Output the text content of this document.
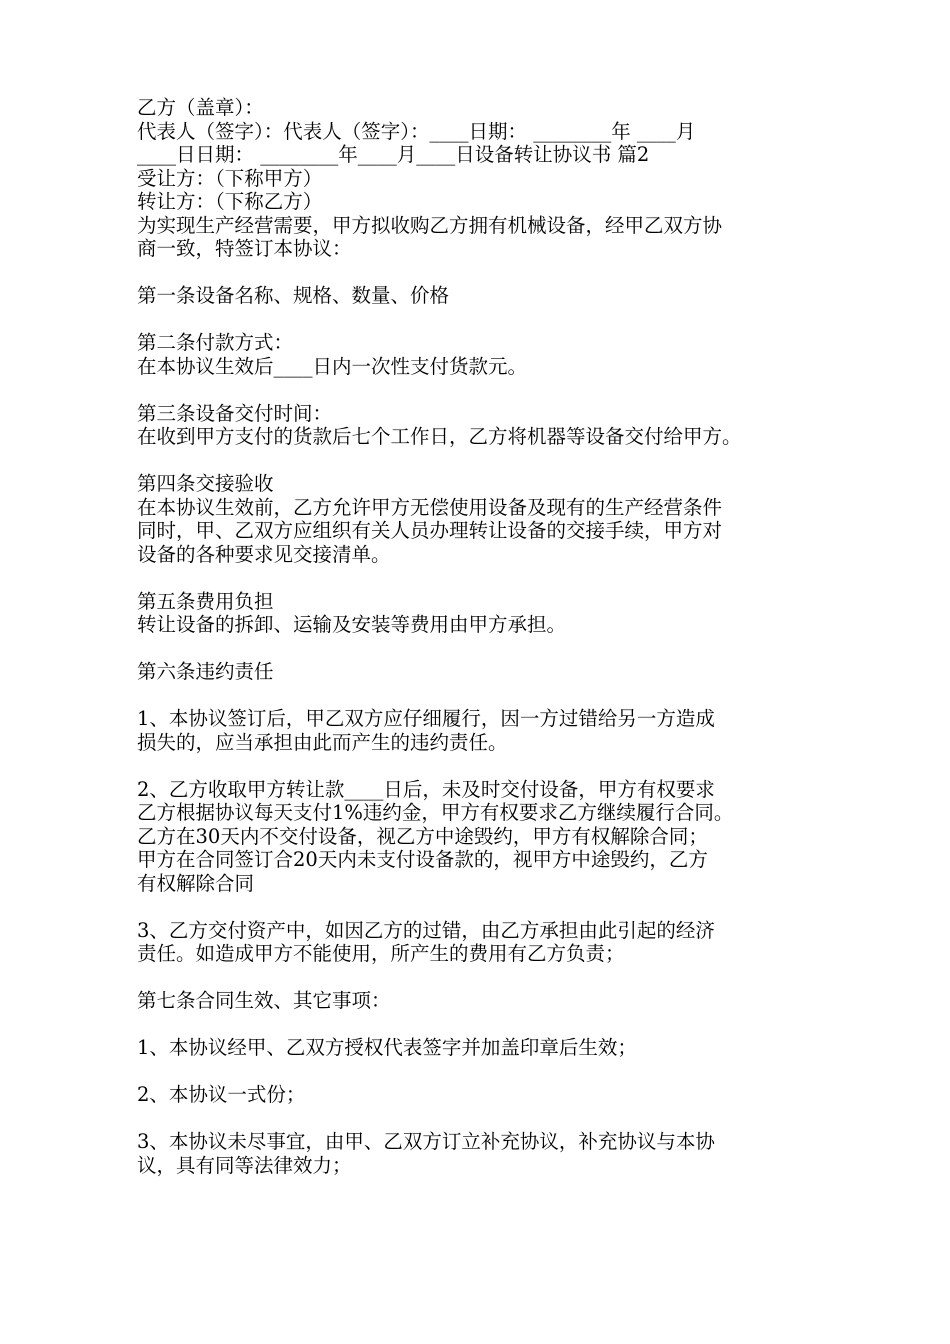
乙方（盖章）：
代表人（签字）：代表人（签字）：____日期： ________年 ____月
____日日期： ________年____月____日设备转让协议书 篇2
受让方：（下称甲方）
转让方：（下称乙方）
为实现生产经营需要，甲方拟收购乙方拥有机械设备，经甲乙双方协
商一致，特签订本协议：
第一条设备名称、规格、数量、价格
第二条付款方式：
在本协议生效后____日内一次性支付货款元。
第三条设备交付时间：
在收到甲方支付的货款后七个工作日，乙方将机器等设备交付给甲方。
第四条交接验收
在本协议生效前，乙方允许甲方无偿使用设备及现有的生产经营条件
同时，甲、乙双方应组织有关人员办理转让设备的交接手续，甲方对
设备的各种要求见交接清单。
第五条费用负担
转让设备的拆卸、运输及安装等费用由甲方承担。
第六条违约责任
1、本协议签订后，甲乙双方应仔细履行，因一方过错给另一方造成
损失的，应当承担由此而产生的违约责任。
2、乙方收取甲方转让款____日后，未及时交付设备，甲方有权要求
乙方根据协议每天支付1%违约金，甲方有权要求乙方继续履行合同。
乙方在30天内不交付设备，视乙方中途毁约，甲方有权解除合同；
甲方在合同签订合20天内未支付设备款的，视甲方中途毁约，乙方
有权解除合同
3、乙方交付资产中，如因乙方的过错，由乙方承担由此引起的经济
责任。如造成甲方不能使用，所产生的费用有乙方负责；
第七条合同生效、其它事项：
1、本协议经甲、乙双方授权代表签字并加盖印章后生效；
2、本协议一式份；
3、本协议未尽事宜，由甲、乙双方订立补充协议，补充协议与本协
议，具有同等法律效力；
